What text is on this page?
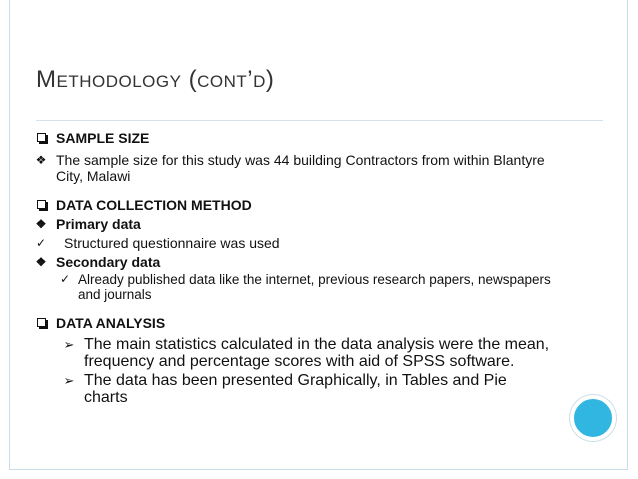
Methodology (cont’d)
SAMPLE SIZE
❖ The sample size for this study was 44 building Contractors from within Blantyre City, Malawi
DATA COLLECTION METHOD
❖ Primary data
✓ Structured questionnaire was used
❖ Secondary data
✓ Already published data like the internet, previous research papers, newspapers and journals
DATA ANALYSIS
➢ The main statistics calculated in the data analysis were the mean, frequency and percentage scores with aid of SPSS software.
➢ The data has been presented Graphically, in Tables and Pie charts
